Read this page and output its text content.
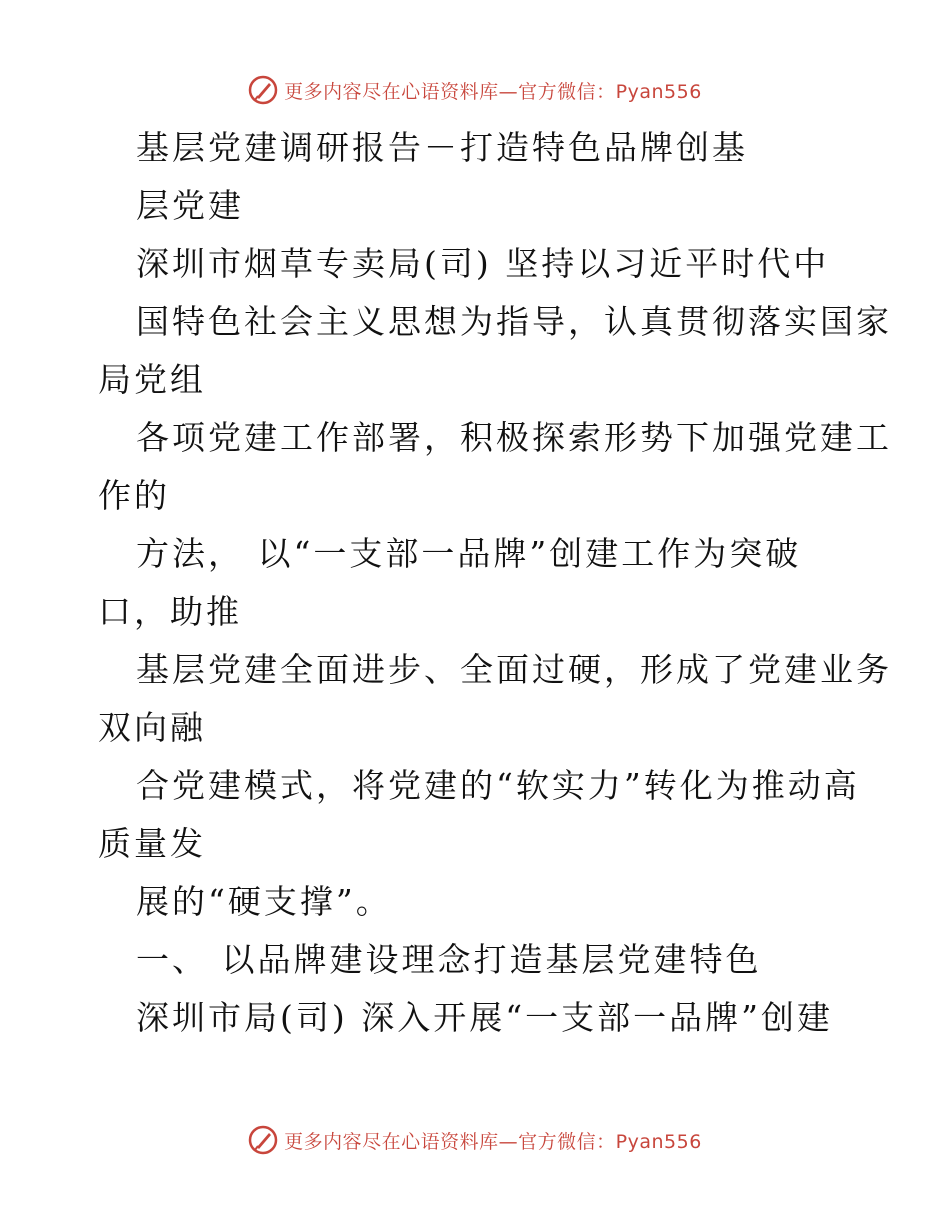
更多内容尽在心语资料库—官方微信：Pyan556
基层党建调研报告－打造特色品牌创基
层党建
深圳市烟草专卖局(司) 坚持以习近平时代中
国特色社会主义思想为指导，认真贯彻落实国家
局党组
各项党建工作部署，积极探索形势下加强党建工
作的
方法， 以“一支部一品牌”创建工作为突破
口，助推
基层党建全面进步、全面过硬，形成了党建业务
双向融
合党建模式，将党建的“软实力”转化为推动高
质量发
展的“硬支撑”。
一、 以品牌建设理念打造基层党建特色
深圳市局(司) 深入开展“一支部一品牌”创建
更多内容尽在心语资料库—官方微信：Pyan556
